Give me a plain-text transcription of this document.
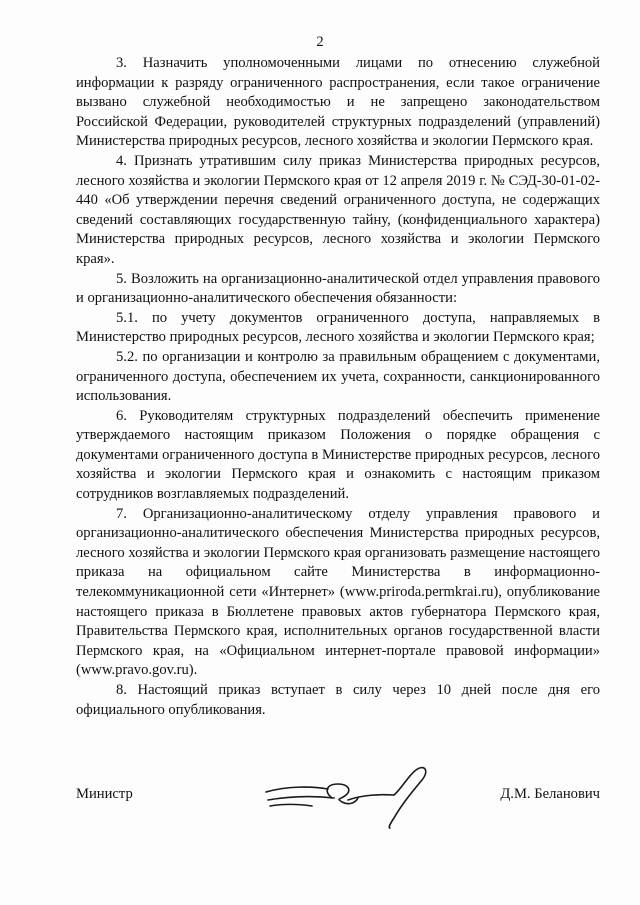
2

3. Назначить уполномоченными лицами по отнесению служебной информации к разряду ограниченного распространения, если такое ограничение вызвано служебной необходимостью и не запрещено законодательством Российской Федерации, руководителей структурных подразделений (управлений) Министерства природных ресурсов, лесного хозяйства и экологии Пермского края.

4. Признать утратившим силу приказ Министерства природных ресурсов, лесного хозяйства и экологии Пермского края от 12 апреля 2019 г. № СЭД-30-01-02-440 «Об утверждении перечня сведений ограниченного доступа, не содержащих сведений составляющих государственную тайну, (конфиденциального характера) Министерства природных ресурсов, лесного хозяйства и экологии Пермского края».

5. Возложить на организационно-аналитической отдел управления правового и организационно-аналитического обеспечения обязанности:

5.1. по учету документов ограниченного доступа, направляемых в Министерство природных ресурсов, лесного хозяйства и экологии Пермского края;

5.2. по организации и контролю за правильным обращением с документами, ограниченного доступа, обеспечением их учета, сохранности, санкционированного использования.

6. Руководителям структурных подразделений обеспечить применение утверждаемого настоящим приказом Положения о порядке обращения с документами ограниченного доступа в Министерстве природных ресурсов, лесного хозяйства и экологии Пермского края и ознакомить с настоящим приказом сотрудников возглавляемых подразделений.

7. Организационно-аналитическому отделу управления правового и организационно-аналитического обеспечения Министерства природных ресурсов, лесного хозяйства и экологии Пермского края организовать размещение настоящего приказа на официальном сайте Министерства в информационно-телекоммуникационной сети «Интернет» (www.priroda.permkrai.ru), опубликование настоящего приказа в Бюллетене правовых актов губернатора Пермского края, Правительства Пермского края, исполнительных органов государственной власти Пермского края, на «Официальном интернет-портале правовой информации» (www.pravo.gov.ru).

8. Настоящий приказ вступает в силу через 10 дней после дня его официального опубликования.

Министр	Д.М. Беланович
